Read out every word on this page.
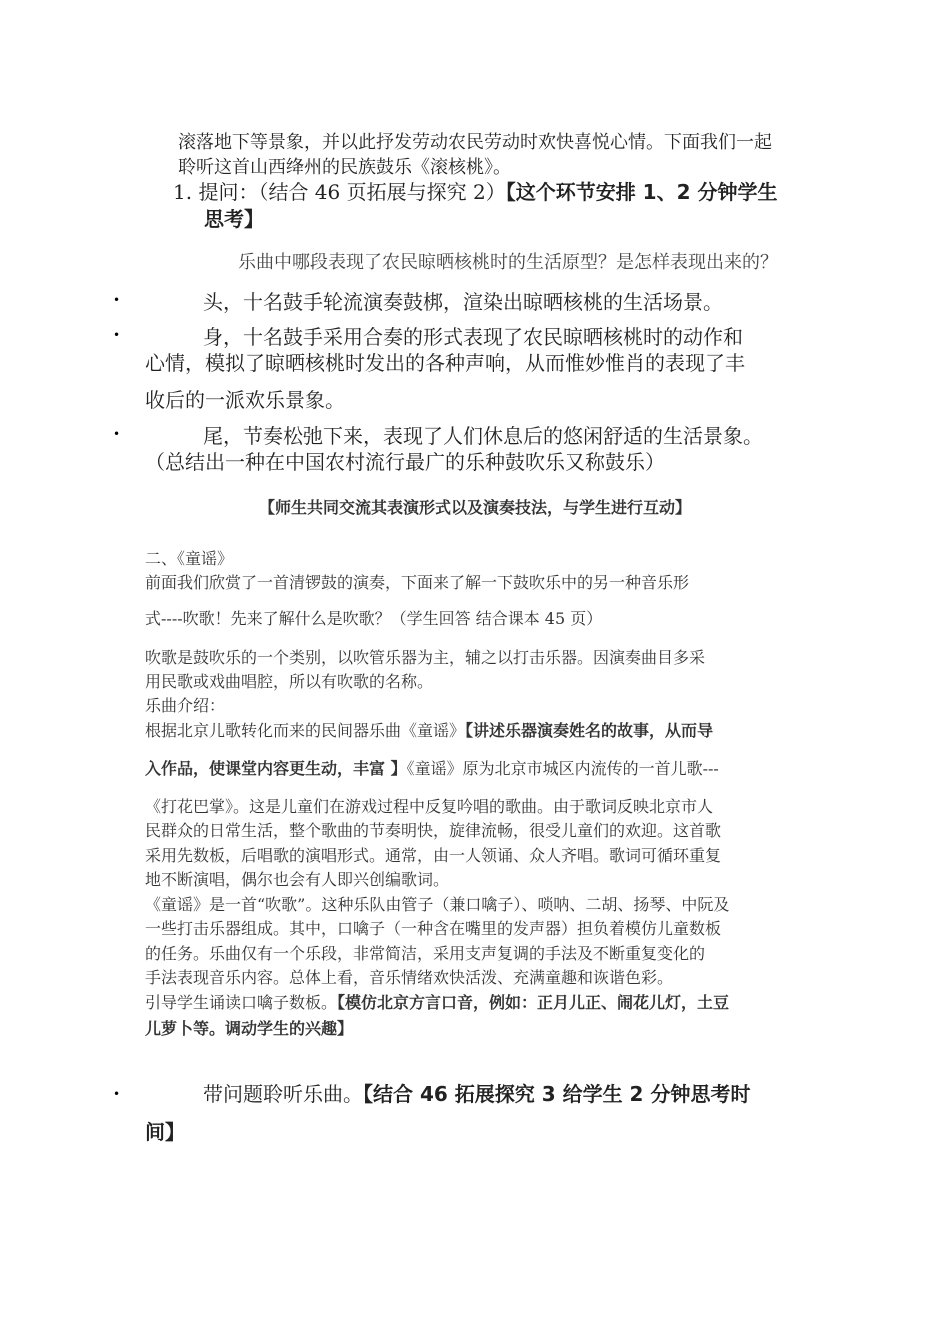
滚落地下等景象，并以此抒发劳动农民劳动时欢快喜悦心情。下面我们一起
聆听这首山西绛州的民族鼓乐《滚核桃》。
1. 提问：（结合 46 页拓展与探究 2）【这个环节安排 1、2 分钟学生
思考】
乐曲中哪段表现了农民晾晒核桃时的生活原型？是怎样表现出来的？
•	头，十名鼓手轮流演奏鼓梆，渲染出晾晒核桃的生活场景。
•	身，十名鼓手采用合奏的形式表现了农民晾晒核桃时的动作和
心情，模拟了晾晒核桃时发出的各种声响，从而惟妙惟肖的表现了丰
收后的一派欢乐景象。
•	尾，节奏松弛下来，表现了人们休息后的悠闲舒适的生活景象。
（总结出一种在中国农村流行最广的乐种鼓吹乐又称鼓乐）
【师生共同交流其表演形式以及演奏技法，与学生进行互动】
二、《童谣》
前面我们欣赏了一首清锣鼓的演奏，下面来了解一下鼓吹乐中的另一种音乐形
式----吹歌！先来了解什么是吹歌？（学生回答 结合课本 45 页）
吹歌是鼓吹乐的一个类别，以吹管乐器为主，辅之以打击乐器。因演奏曲目多采
用民歌或戏曲唱腔，所以有吹歌的名称。
乐曲介绍：
根据北京儿歌转化而来的民间器乐曲《童谣》【讲述乐器演奏姓名的故事，从而导
入作品，使课堂内容更生动，丰富 】《童谣》原为北京市城区内流传的一首儿歌---
《打花巴掌》。这是儿童们在游戏过程中反复吟唱的歌曲。由于歌词反映北京市人
民群众的日常生活，整个歌曲的节奏明快，旋律流畅，很受儿童们的欢迎。这首歌
采用先数板，后唱歌的演唱形式。通常，由一人领诵、众人齐唱。歌词可循环重复
地不断演唱，偶尔也会有人即兴创编歌词。
《童谣》是一首“吹歌”。这种乐队由管子（兼口噙子）、唢呐、二胡、扬琴、中阮及
一些打击乐器组成。其中，口噙子（一种含在嘴里的发声器）担负着模仿儿童数板
的任务。乐曲仅有一个乐段，非常简洁，采用支声复调的手法及不断重复变化的
手法表现音乐内容。总体上看，音乐情绪欢快活泼、充满童趣和诙谐色彩。
引导学生诵读口噙子数板。【模仿北京方言口音，例如：正月儿正、闹花儿灯，土豆
儿萝卜等。调动学生的兴趣】
•	带问题聆听乐曲。【结合 46 拓展探究 3 给学生 2 分钟思考时
间】
